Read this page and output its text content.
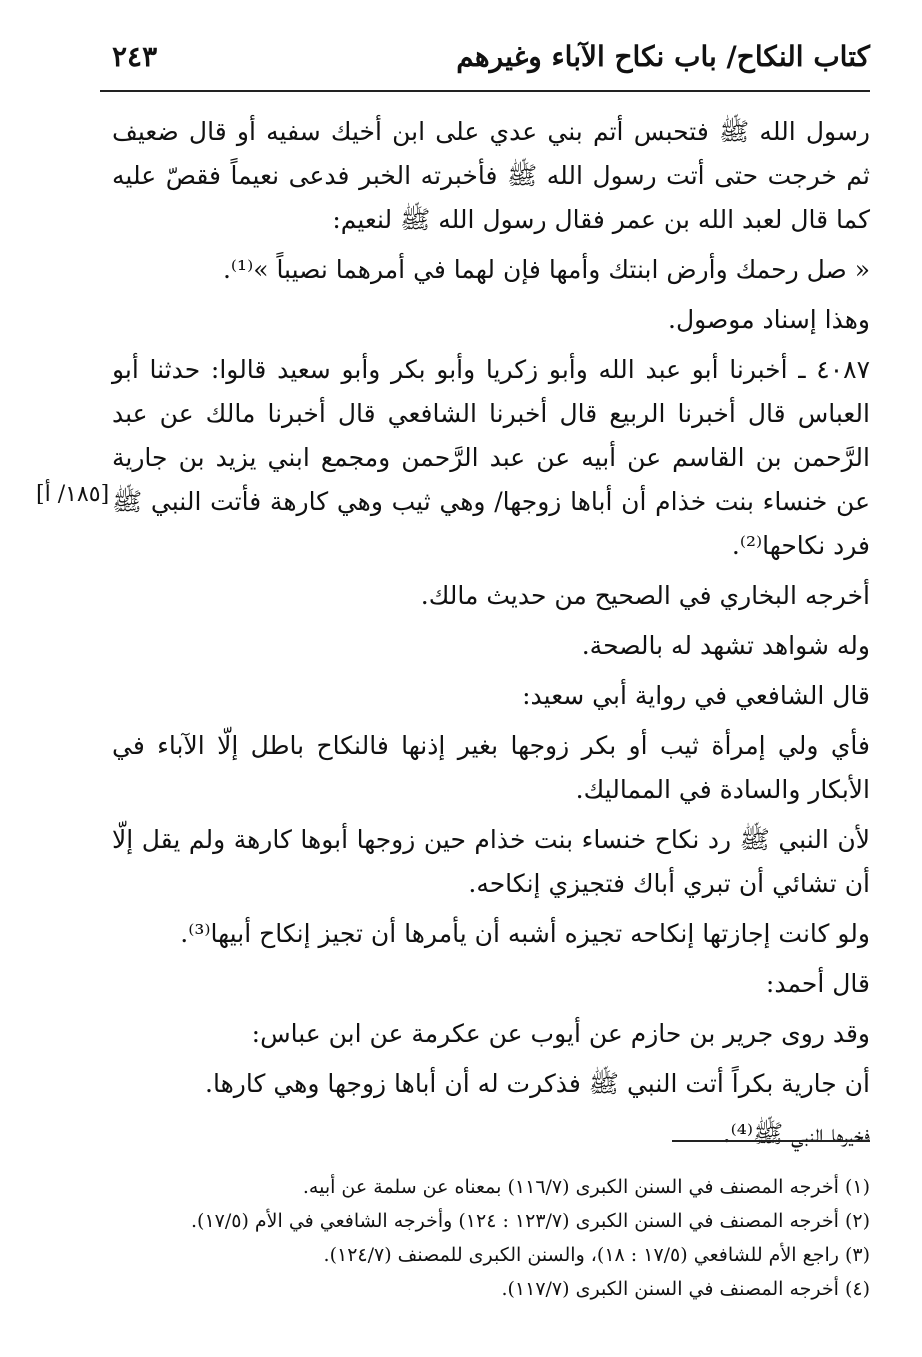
كتاب النكاح/ باب نكاح الآباء وغيرهم
٢٤٣

رسول الله ﷺ فتحبس أتم بني عدي على ابن أخيك سفيه أو قال ضعيف ثم خرجت حتى أتت رسول الله ﷺ فأخبرته الخبر فدعى نعيماً فقصّ عليه كما قال لعبد الله بن عمر فقال رسول الله ﷺ لنعيم:

« صل رحمك وأرض ابنتك وأمها فإن لهما في أمرهما نصيباً »⁽¹⁾.

وهذا إسناد موصول.

٤٠٨٧ ـ أخبرنا أبو عبد الله وأبو زكريا وأبو بكر وأبو سعيد قالوا: حدثنا أبو العباس قال أخبرنا الربيع قال أخبرنا الشافعي قال أخبرنا مالك عن عبد الرَّحمن بن القاسم عن أبيه عن عبد الرَّحمن ومجمع ابني يزيد بن جارية عن خنساء بنت خذام أن أباها زوجها/ وهي ثيب وهي كارهة فأتت النبي ﷺ فرد نكاحها⁽²⁾.

أخرجه البخاري في الصحيح من حديث مالك.

وله شواهد تشهد له بالصحة.

قال الشافعي في رواية أبي سعيد:

فأي ولي إمرأة ثيب أو بكر زوجها بغير إذنها فالنكاح باطل إلّا الآباء في الأبكار والسادة في المماليك.

لأن النبي ﷺ رد نكاح خنساء بنت خذام حين زوجها أبوها كارهة ولم يقل إلّا أن تشائي أن تبري أباك فتجيزي إنكاحه.

ولو كانت إجازتها إنكاحه تجيزه أشبه أن يأمرها أن تجيز إنكاح أبيها⁽³⁾.

قال أحمد:

وقد روى جرير بن حازم عن أيوب عن عكرمة عن ابن عباس:

أن جارية بكراً أتت النبي ﷺ فذكرت له أن أباها زوجها وهي كارها.

فخيرها النبي ﷺ⁽⁴⁾.

[١٨٥/ أ]

(١) أخرجه المصنف في السنن الكبرى (١١٦/٧) بمعناه عن سلمة عن أبيه.

(٢) أخرجه المصنف في السنن الكبرى (١٢٣/٧ : ١٢٤) وأخرجه الشافعي في الأم (١٧/٥).

(٣) راجع الأم للشافعي (١٧/٥ : ١٨)، والسنن الكبرى للمصنف (١٢٤/٧).

(٤) أخرجه المصنف في السنن الكبرى (١١٧/٧).
